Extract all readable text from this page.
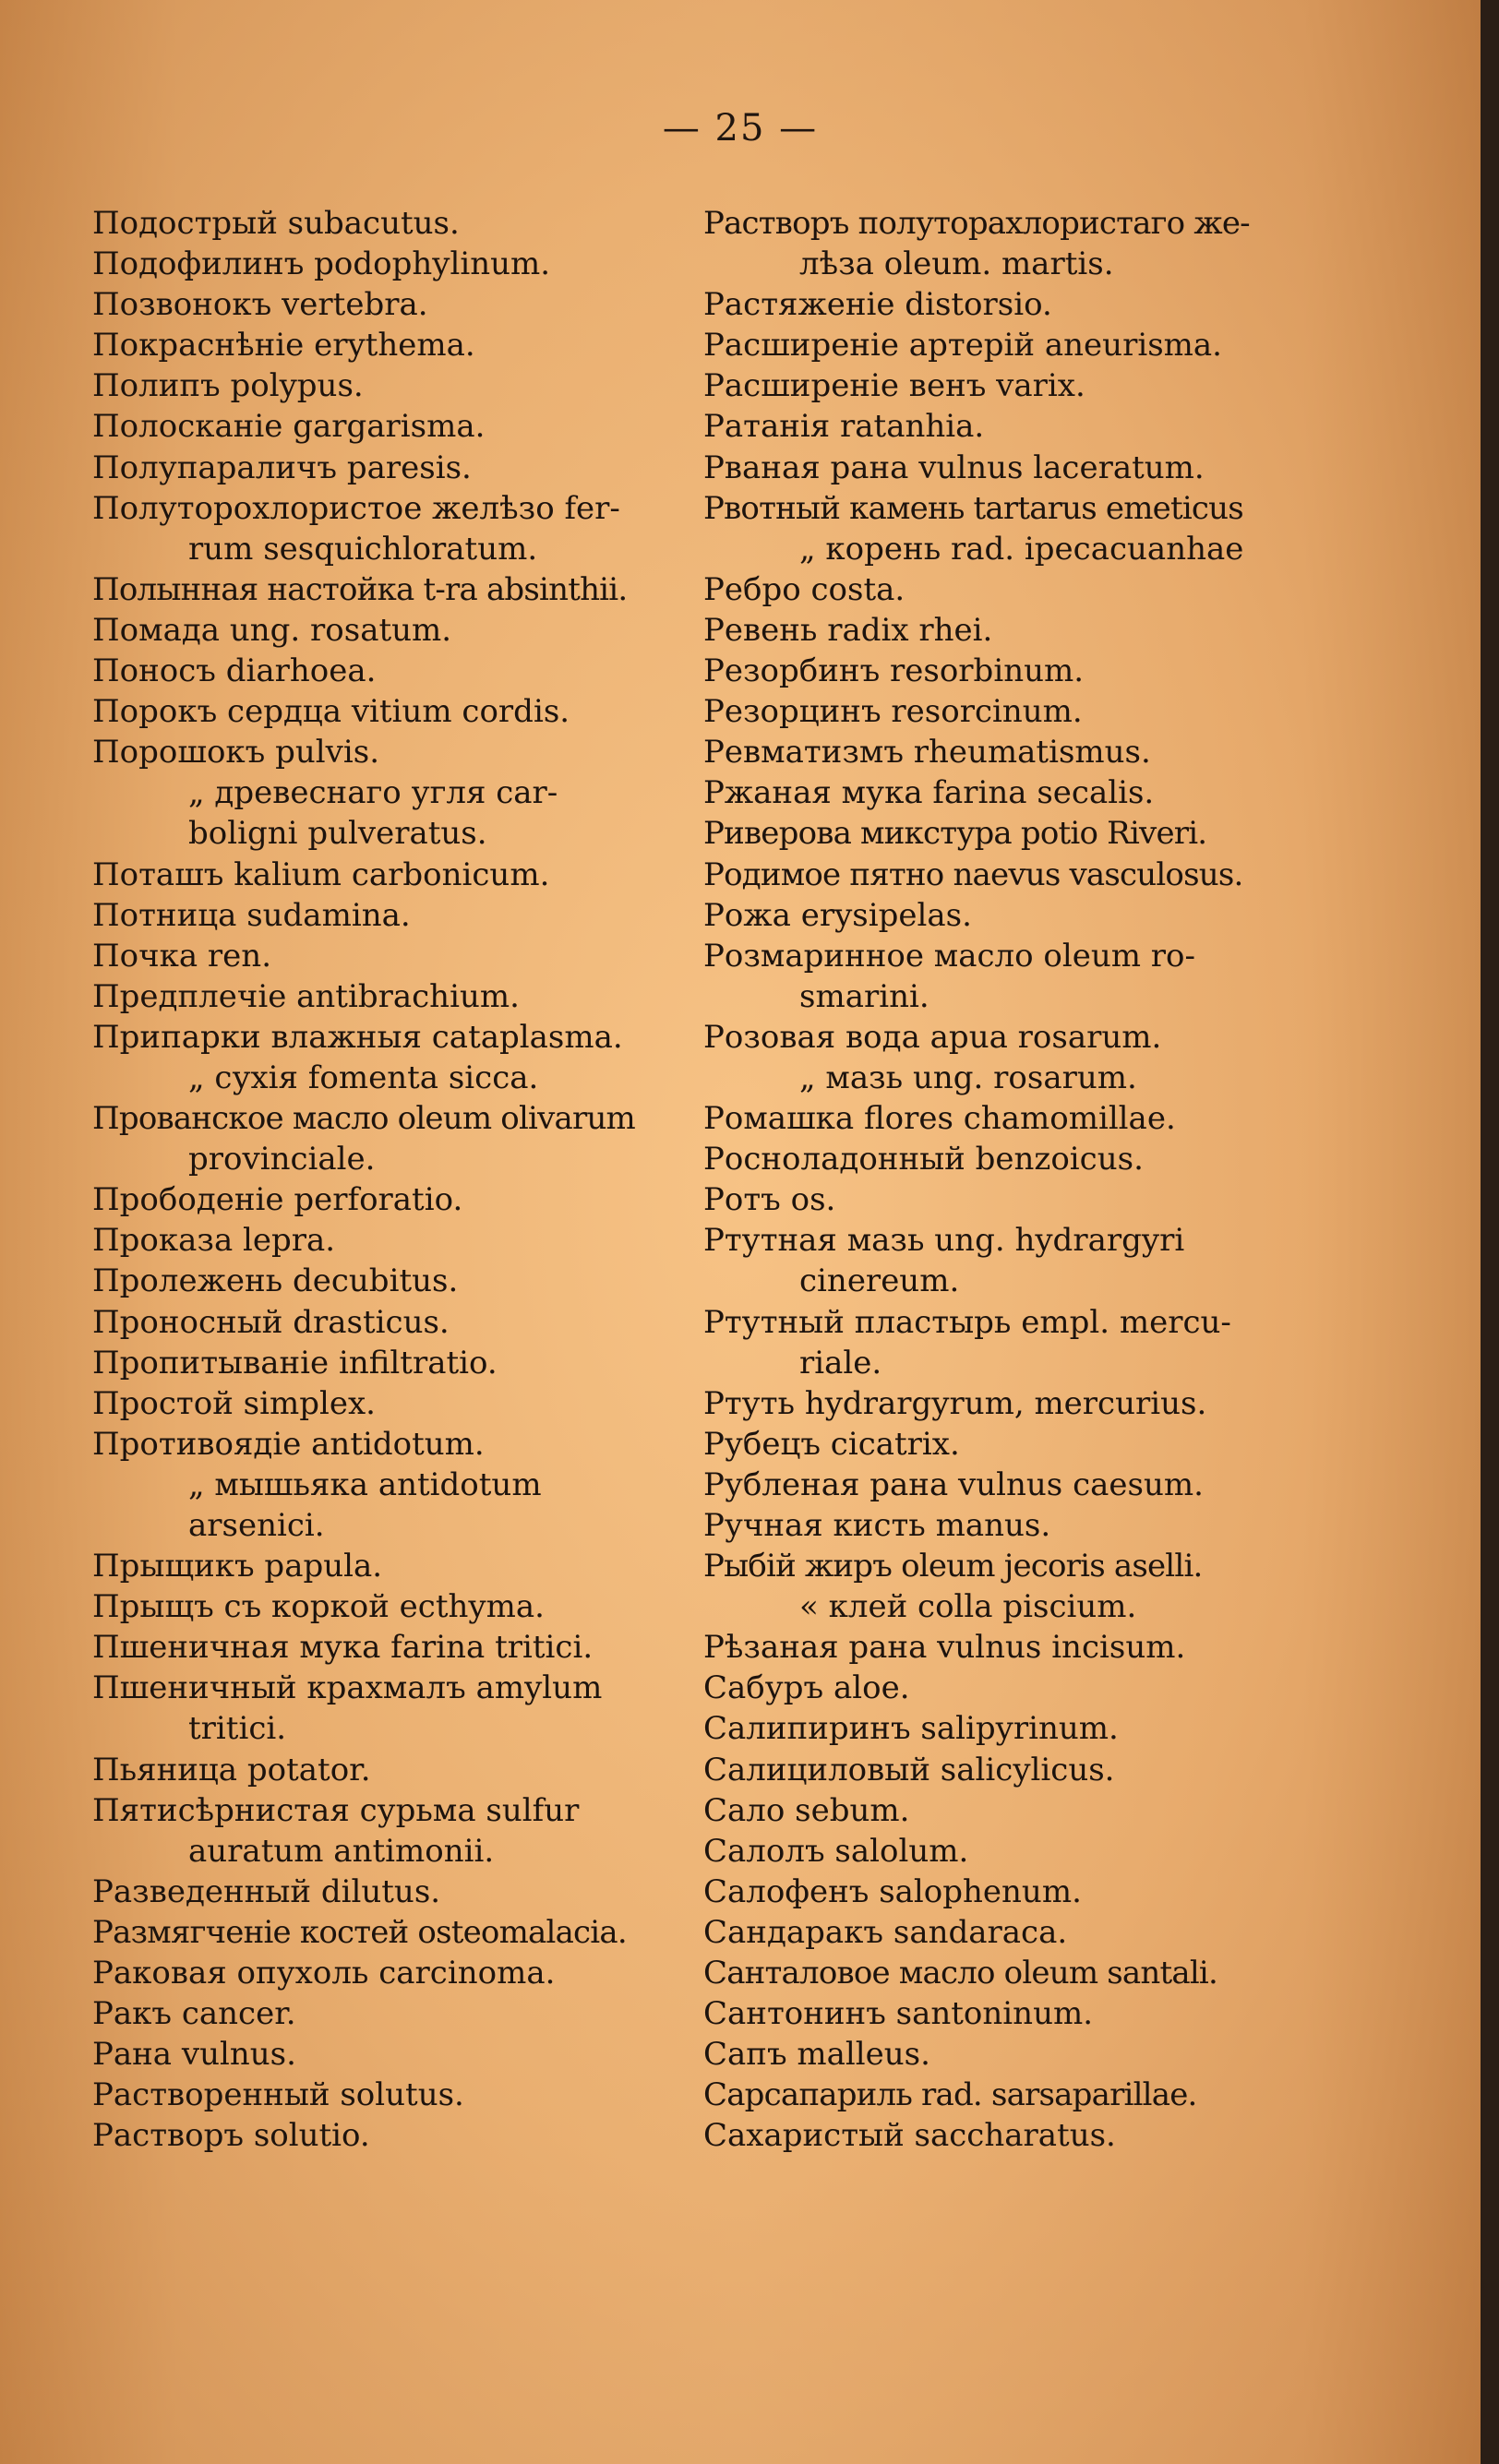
— 25 —
Подострый subacutus.
Подофилинъ podophylinum.
Позвонокъ vertebra.
Покраснѣніе erythema.
Полипъ polypus.
Полосканіе gargarisma.
Полупараличъ paresis.
Полуторохлористое желѣзо fer-
rum sesquichloratum.
Полынная настойка t-ra absinthii.
Помада ung. rosatum.
Поносъ diarhoea.
Порокъ сердца vitium cordis.
Порошокъ pulvis.
„ древеснаго угля car-
boligni pulveratus.
Поташъ kalium carbonicum.
Потница sudamina.
Почка ren.
Предплечіе antibrachium.
Припарки влажныя cataplasma.
„ сухія fomenta sicca.
Прованское масло oleum olivarum
provinciale.
Прободеніе perforatio.
Проказа lepra.
Пролежень decubitus.
Проносный drasticus.
Пропитываніе infiltratio.
Простой simplex.
Противоядіе antidotum.
„ мышьяка antidotum
arsenici.
Прыщикъ papula.
Прыщъ съ коркой ecthyma.
Пшеничная мука farina tritici.
Пшеничный крахмалъ amylum
tritici.
Пьяница potator.
Пятисѣрнистая сурьма sulfur
auratum antimonii.
Разведенный dilutus.
Размягченіе костей osteomalacia.
Раковая опухоль carcinoma.
Ракъ cancer.
Рана vulnus.
Растворенный solutus.
Растворъ solutio.
Растворъ полуторахлористаго же-
лѣза oleum. martis.
Растяженіе distorsio.
Расширеніе артерій aneurisma.
Расширеніе венъ varix.
Ратанія ratanhia.
Рваная рана vulnus laceratum.
Рвотный камень tartarus emeticus
„ корень rad. ipecacuanhae
Ребро costa.
Ревень radix rhei.
Резорбинъ resorbinum.
Резорцинъ resorcinum.
Ревматизмъ rheumatismus.
Ржаная мука farina secalis.
Риверова микстура potio Riveri.
Родимое пятно naevus vasculosus.
Рожа erysipelas.
Розмаринное масло oleum ro-
smarini.
Розовая вода apua rosarum.
„ мазь ung. rosarum.
Ромашка flores chamomillae.
Росноладонный benzoicus.
Ротъ os.
Ртутная мазь ung. hydrargyri
cinereum.
Ртутный пластырь empl. mercu-
riale.
Ртуть hydrargyrum, mercurius.
Рубецъ cicatrix.
Рубленая рана vulnus caesum.
Ручная кисть manus.
Рыбій жиръ oleum jecoris aselli.
« клей colla piscium.
Рѣзаная рана vulnus incisum.
Сабуръ aloe.
Салипиринъ salipyrinum.
Салициловый salicylicus.
Сало sebum.
Салолъ salolum.
Салофенъ salophenum.
Сандаракъ sandaraca.
Санталовое масло oleum santali.
Сантонинъ santoninum.
Сапъ malleus.
Сарсапариль rad. sarsaparillae.
Сахаристый saccharatus.
